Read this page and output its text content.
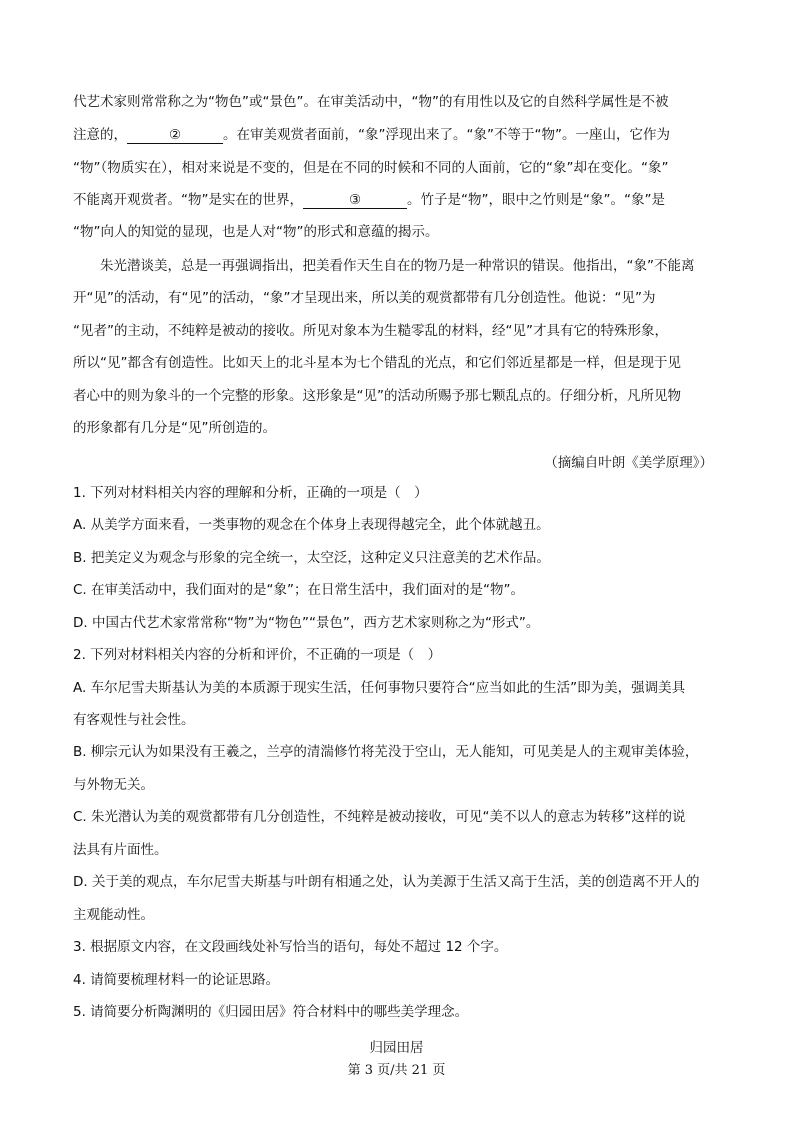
代艺术家则常常称之为“物色”或“景色”。在审美活动中，“物”的有用性以及它的自然科学属性是不被
注意的，	②	。在审美观赏者面前，“象”浮现出来了。“象”不等于“物”。一座山，它作为
“物”（物质实在），相对来说是不变的，但是在不同的时候和不同的人面前，它的“象”却在变化。“象”
不能离开观赏者。“物”是实在的世界，	③	。竹子是“物”，眼中之竹则是“象”。“象”是
“物”向人的知觉的显现，也是人对“物”的形式和意蕴的揭示。
朱光潜谈美，总是一再强调指出，把美看作天生自在的物乃是一种常识的错误。他指出，“象”不能离
开“见”的活动，有“见”的活动，“象”才呈现出来，所以美的观赏都带有几分创造性。他说：“见”为
“见者”的主动，不纯粹是被动的接收。所见对象本为生糙零乱的材料，经“见”才具有它的特殊形象，
所以“见”都含有创造性。比如天上的北斗星本为七个错乱的光点，和它们邻近星都是一样，但是现于见
者心中的则为象斗的一个完整的形象。这形象是“见”的活动所赐予那七颗乱点的。仔细分析，凡所见物
的形象都有几分是“见”所创造的。
（摘编自叶朗《美学原理》）
1. 下列对材料相关内容的理解和分析，正确的一项是（　）
A. 从美学方面来看，一类事物的观念在个体身上表现得越完全，此个体就越丑。
B. 把美定义为观念与形象的完全统一，太空泛，这种定义只注意美的艺术作品。
C. 在审美活动中，我们面对的是“象”；在日常生活中，我们面对的是“物”。
D. 中国古代艺术家常常称“物”为“物色”“景色”，西方艺术家则称之为“形式”。
2. 下列对材料相关内容的分析和评价，不正确的一项是（　）
A. 车尔尼雪夫斯基认为美的本质源于现实生活，任何事物只要符合“应当如此的生活”即为美，强调美具
有客观性与社会性。
B. 柳宗元认为如果没有王羲之，兰亭的清湍修竹将芜没于空山，无人能知，可见美是人的主观审美体验，
与外物无关。
C. 朱光潜认为美的观赏都带有几分创造性，不纯粹是被动接收，可见“美不以人的意志为转移”这样的说
法具有片面性。
D. 关于美的观点，车尔尼雪夫斯基与叶朗有相通之处，认为美源于生活又高于生活，美的创造离不开人的
主观能动性。
3. 根据原文内容，在文段画线处补写恰当的语句，每处不超过 12 个字。
4. 请简要梳理材料一的论证思路。
5. 请简要分析陶渊明的《归园田居》符合材料中的哪些美学理念。
归园田居
第 3 页/共 21 页
